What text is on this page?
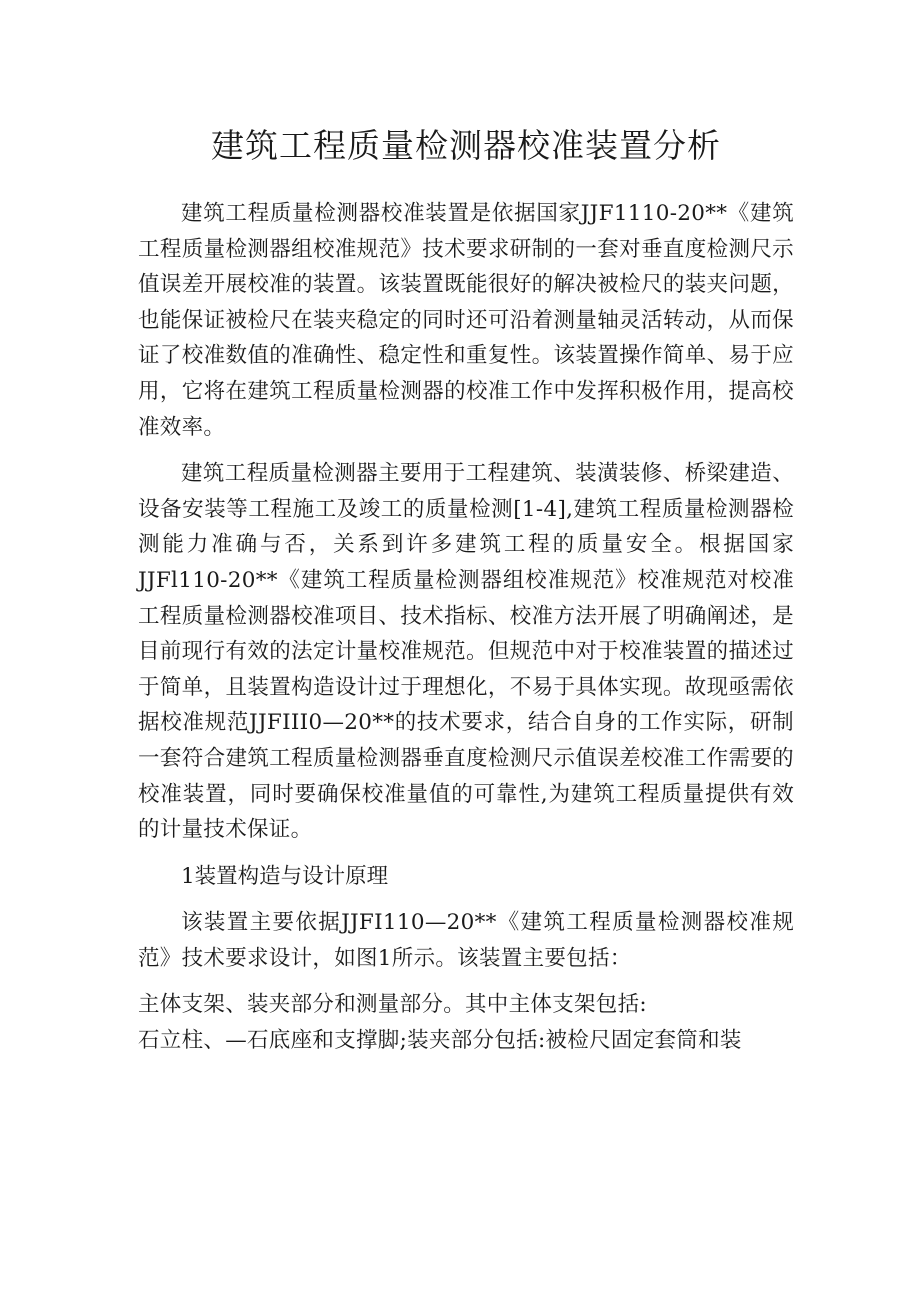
建筑工程质量检测器校准装置分析

建筑工程质量检测器校准装置是依据国家JJF1110-20**《建筑工程质量检测器组校准规范》技术要求研制的一套对垂直度检测尺示值误差开展校准的装置。该装置既能很好的解决被检尺的装夹问题，也能保证被检尺在装夹稳定的同时还可沿着测量轴灵活转动，从而保证了校准数值的准确性、稳定性和重复性。该装置操作简单、易于应用，它将在建筑工程质量检测器的校准工作中发挥积极作用，提高校准效率。

建筑工程质量检测器主要用于工程建筑、装潢装修、桥梁建造、设备安装等工程施工及竣工的质量检测[1-4],建筑工程质量检测器检测能力准确与否，关系到许多建筑工程的质量安全。根据国家JJFl110-20**《建筑工程质量检测器组校准规范》校准规范对校准工程质量检测器校准项目、技术指标、校准方法开展了明确阐述，是目前现行有效的法定计量校准规范。但规范中对于校准装置的描述过于简单，且装置构造设计过于理想化，不易于具体实现。故现亟需依据校准规范JJFIII0—20**的技术要求，结合自身的工作实际，研制一套符合建筑工程质量检测器垂直度检测尺示值误差校准工作需要的校准装置，同时要确保校准量值的可靠性,为建筑工程质量提供有效的计量技术保证。

1装置构造与设计原理

该装置主要依据JJFI110—20**《建筑工程质量检测器校准规范》技术要求设计，如图1所示。该装置主要包括：

主体支架、装夹部分和测量部分。其中主体支架包括:

石立柱、—石底座和支撑脚;装夹部分包括:被检尺固定套筒和装
